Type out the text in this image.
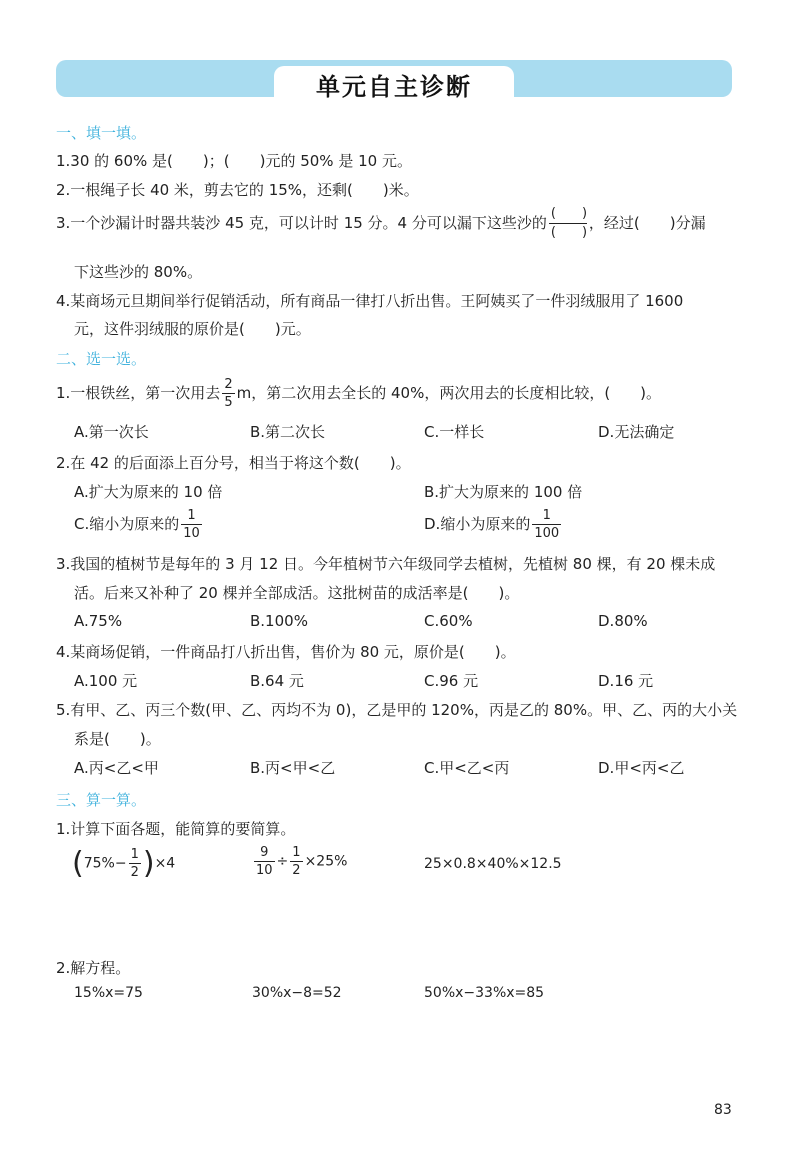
单元自主诊断
一、填一填。
1.30 的 60% 是(　　)；(　　)元的 50% 是 10 元。
2.一根绳子长 40 米，剪去它的 15%，还剩(　　)米。
3.一个沙漏计时器共装沙 45 克，可以计时 15 分。4 分可以漏下这些沙的 $\frac{( )}{( )}$ ，经过(　　)分漏
下这些沙的 80%。
4.某商场元旦期间举行促销活动，所有商品一律打八折出售。王阿姨买了一件羽绒服用了 1600
元，这件羽绒服的原价是(　　)元。
二、选一选。
1.一根铁丝，第一次用去 $\frac{2}{5}$ m，第二次用去全长的 40%，两次用去的长度相比较，(　　)。
A.第一次长	B.第二次长	C.一样长	D.无法确定
2.在 42 的后面添上百分号，相当于将这个数(　　)。
A.扩大为原来的 10 倍	B.扩大为原来的 100 倍
C.缩小为原来的 $\frac{1}{10}$	D.缩小为原来的 $\frac{1}{100}$
3.我国的植树节是每年的 3 月 12 日。今年植树节六年级同学去植树，先植树 80 棵，有 20 棵未成
活。后来又补种了 20 棵并全部成活。这批树苗的成活率是(　　)。
A.75%	B.100%	C.60%	D.80%
4.某商场促销，一件商品打八折出售，售价为 80 元，原价是(　　)。
A.100 元	B.64 元	C.96 元	D.16 元
5.有甲、乙、丙三个数(甲、乙、丙均不为 0)，乙是甲的 120%，丙是乙的 80%。甲、乙、丙的大小关
系是(　　)。
A.丙<乙<甲	B.丙<甲<乙	C.甲<乙<丙	D.甲<丙<乙
三、算一算。
1.计算下面各题，能简算的要简算。
$(75\%- \frac{1}{2} )\times 4$	$\frac{9}{10} \div \frac{1}{2} \times 25\%$	25×0.8×40%×12.5
2.解方程。
15%x=75	30%x−8=52	50%x−33%x=85
83
